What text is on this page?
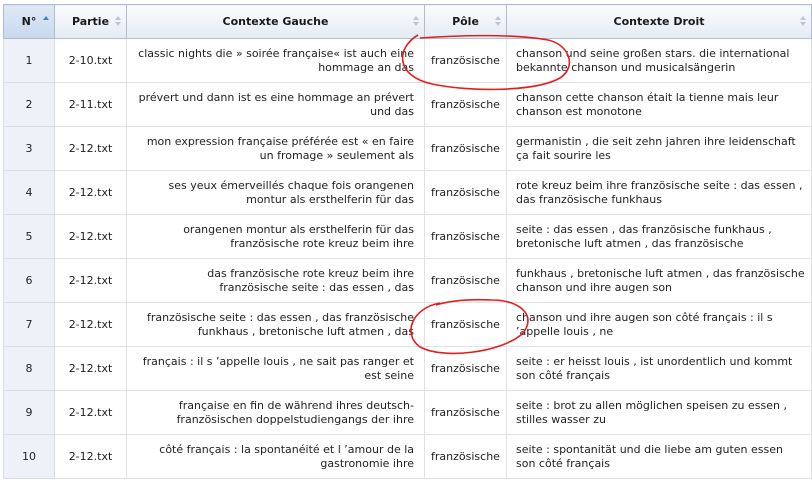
N°	Partie	Contexte Gauche	Pôle	Contexte Droit

1	2-10.txt	classic nights die » soirée française« ist auch eine hommage an das	französische	chanson und seine großen stars. die international bekannte chanson und musicalsängerin
2	2-11.txt	prévert und dann ist es eine hommage an prévert und das	französische	chanson cette chanson était la tienne mais leur chanson est monotone
3	2-12.txt	mon expression française préférée est « en faire un fromage » seulement als	französische	germanistin , die seit zehn jahren ihre leidenschaft ça fait sourire les
4	2-12.txt	ses yeux émerveillés chaque fois orangenen montur als ersthelferin für das	französische	rote kreuz beim ihre französische seite : das essen , das französische funkhaus
5	2-12.txt	orangenen montur als ersthelferin für das französische rote kreuz beim ihre	französische	seite : das essen , das französische funkhaus , bretonische luft atmen , das französische
6	2-12.txt	das französische rote kreuz beim ihre französische seite : das essen , das	französische	funkhaus , bretonische luft atmen , das französische chanson und ihre augen son
7	2-12.txt	französische seite : das essen , das französische funkhaus , bretonische luft atmen , das	französische	chanson und ihre augen son côté français : il s ’appelle louis , ne
8	2-12.txt	français : il s ’appelle louis , ne sait pas ranger et est seine	französische	seite : er heisst louis , ist unordentlich und kommt son côté français
9	2-12.txt	française en fin de während ihres deutsch-französischen doppelstudiengangs der ihre	französische	seite : brot zu allen möglichen speisen zu essen , stilles wasser zu
10	2-12.txt	côté français : la spontanéité et l ’amour de la gastronomie ihre	französische	seite : spontanität und die liebe am guten essen son côté français
